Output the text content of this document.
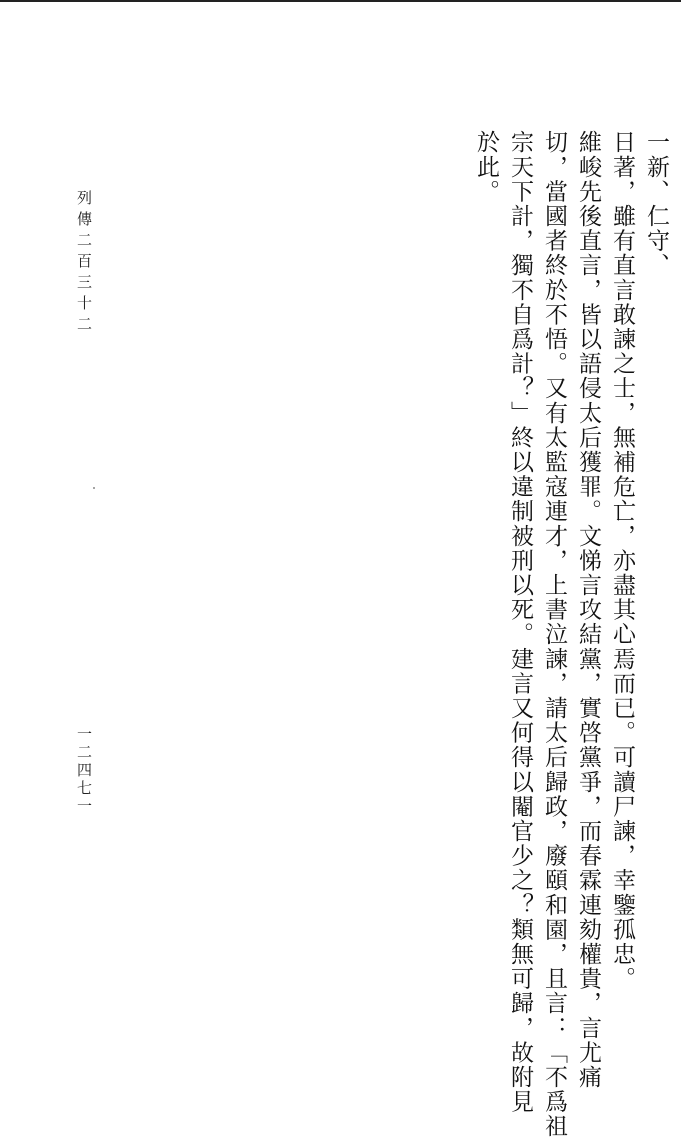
一新、仁守、
日著，雖有直言敢諫之士，無補危亡，亦盡其心焉而已。可讀尸諫，幸鑒孤忠。
維峻先後直言，皆以語侵太后獲罪。文悌言攻結黨，實啓黨爭，而春霖連劾權貴，言尤痛
切，當國者終於不悟。又有太監寇連才，上書泣諫，請太后歸政，廢頤和園，且言：「不爲祖
宗天下計，獨不自爲計？」終以違制被刑以死。建言又何得以閹官少之？類無可歸，故附見
於此。
列傳二百三十二
一二四七一
